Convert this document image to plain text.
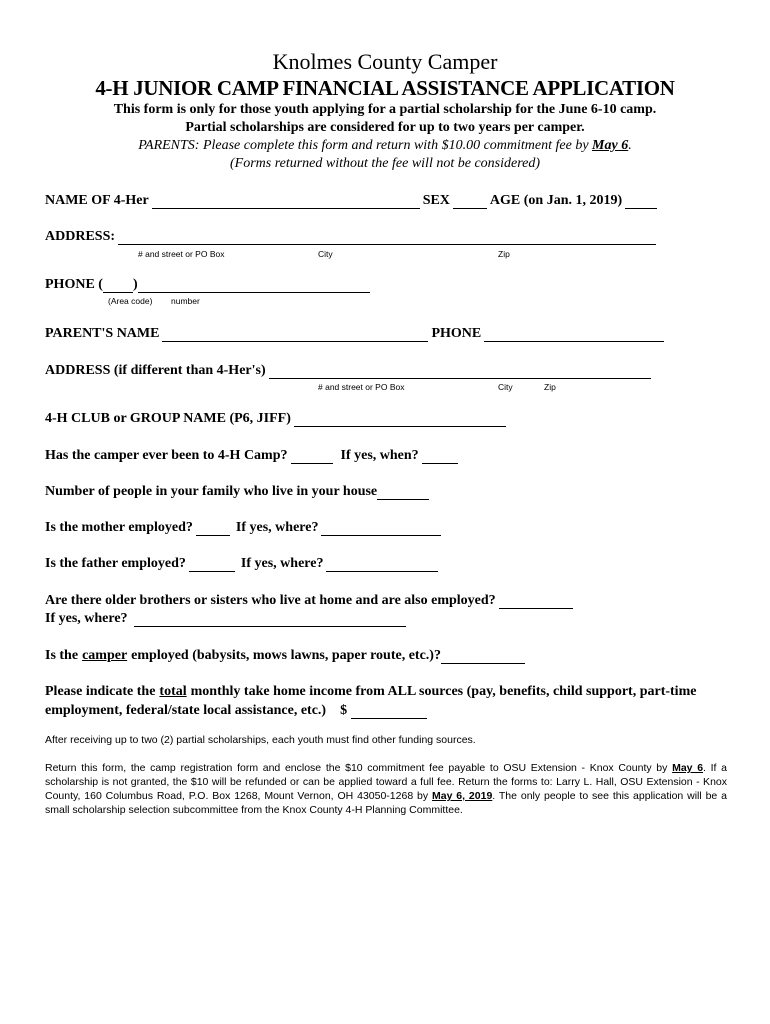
Knolmes County Camper
4-H JUNIOR CAMP FINANCIAL ASSISTANCE APPLICATION
This form is only for those youth applying for a partial scholarship for the June 6-10 camp.
Partial scholarships are considered for up to two years per camper.
PARENTS: Please complete this form and return with $10.00 commitment fee by May 6.
(Forms returned without the fee will not be considered)
NAME OF 4-Her	SEX	AGE (on Jan. 1, 2019)
ADDRESS:
# and street or PO Box	City	Zip
PHONE ( )
(Area code) number
PARENT'S NAME	PHONE
ADDRESS (if different than 4-Her's)
# and street or PO Box	City	Zip
4-H CLUB or GROUP NAME (P6, JIFF)
Has the camper ever been to 4-H Camp?	If yes, when?
Number of people in your family who live in your house
Is the mother employed?	If yes, where?
Is the father employed?	If yes, where?
Are there older brothers or sisters who live at home and are also employed?
If yes, where?
Is the camper employed (babysits, mows lawns, paper route, etc.)?
Please indicate the total monthly take home income from ALL sources (pay, benefits, child support, part-time
employment, federal/state local assistance, etc.) $
After receiving up to two (2) partial scholarships, each youth must find other funding sources.
Return this form, the camp registration form and enclose the $10 commitment fee payable to OSU Extension - Knox County by May 6. If a scholarship is not granted, the $10 will be refunded or can be applied toward a full fee. Return the forms to: Larry L. Hall, OSU Extension - Knox County, 160 Columbus Road, P.O. Box 1268, Mount Vernon, OH 43050-1268 by May 6, 2019. The only people to see this application will be a small scholarship selection subcommittee from the Knox County 4-H Planning Committee.
